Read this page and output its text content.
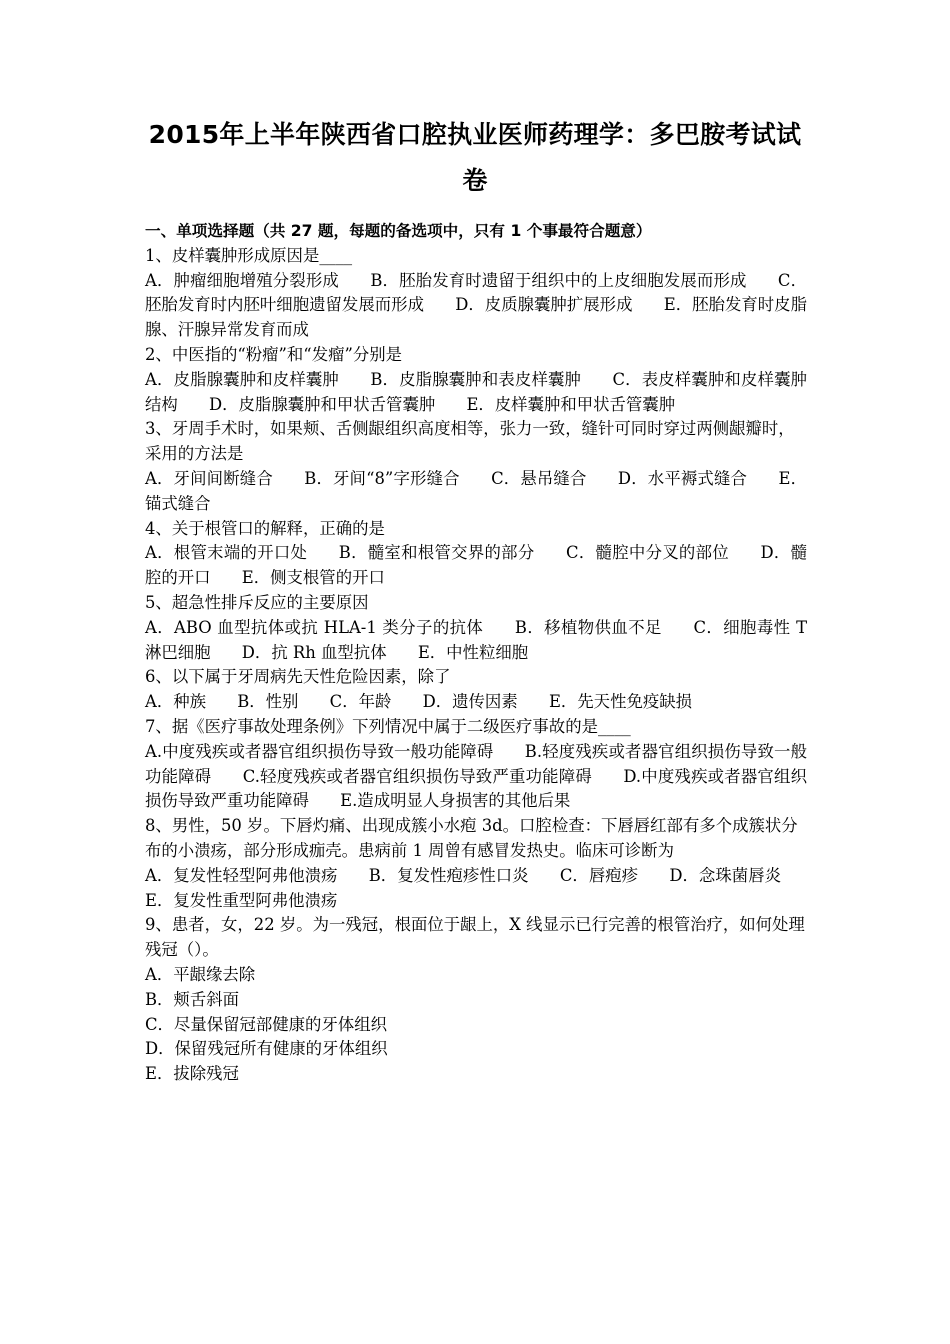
2015年上半年陕西省口腔执业医师药理学：多巴胺考试试卷
一、单项选择题（共 27 题，每题的备选项中，只有 1 个事最符合题意）
1、皮样囊肿形成原因是____
A．肿瘤细胞增殖分裂形成 B．胚胎发育时遗留于组织中的上皮细胞发展而形成 C．胚胎发育时内胚叶细胞遗留发展而形成 D．皮质腺囊肿扩展形成 E．胚胎发育时皮脂腺、汗腺异常发育而成
2、中医指的“粉瘤”和“发瘤”分别是
A．皮脂腺囊肿和皮样囊肿 B．皮脂腺囊肿和表皮样囊肿 C．表皮样囊肿和皮样囊肿结构 D．皮脂腺囊肿和甲状舌管囊肿 E．皮样囊肿和甲状舌管囊肿
3、牙周手术时，如果颊、舌侧龈组织高度相等，张力一致，缝针可同时穿过两侧龈瓣时，采用的方法是
A．牙间间断缝合 B．牙间“8”字形缝合 C．悬吊缝合 D．水平褥式缝合 E．锚式缝合
4、关于根管口的解释，正确的是
A．根管末端的开口处 B．髓室和根管交界的部分 C．髓腔中分叉的部位 D．髓腔的开口 E．侧支根管的开口
5、超急性排斥反应的主要原因
A．ABO 血型抗体或抗 HLA-1 类分子的抗体 B．移植物供血不足 C．细胞毒性 T 淋巴细胞 D．抗 Rh 血型抗体 E．中性粒细胞
6、以下属于牙周病先天性危险因素，除了
A．种族 B．性别 C．年龄 D．遗传因素 E．先天性免疫缺损
7、据《医疗事故处理条例》下列情况中属于二级医疗事故的是____
A.中度残疾或者器官组织损伤导致一般功能障碍 B.轻度残疾或者器官组织损伤导致一般功能障碍 C.轻度残疾或者器官组织损伤导致严重功能障碍 D.中度残疾或者器官组织损伤导致严重功能障碍 E.造成明显人身损害的其他后果
8、男性，50 岁。下唇灼痛、出现成簇小水疱 3d。口腔检查：下唇唇红部有多个成簇状分布的小溃疡，部分形成痂壳。患病前 1 周曾有感冒发热史。临床可诊断为
A．复发性轻型阿弗他溃疡 B．复发性疱疹性口炎 C．唇疱疹 D．念珠菌唇炎 E．复发性重型阿弗他溃疡
9、患者，女，22 岁。为一残冠，根面位于龈上，X 线显示已行完善的根管治疗，如何处理残冠（）。
A．平龈缘去除
B．颊舌斜面
C．尽量保留冠部健康的牙体组织
D．保留残冠所有健康的牙体组织
E．拔除残冠
